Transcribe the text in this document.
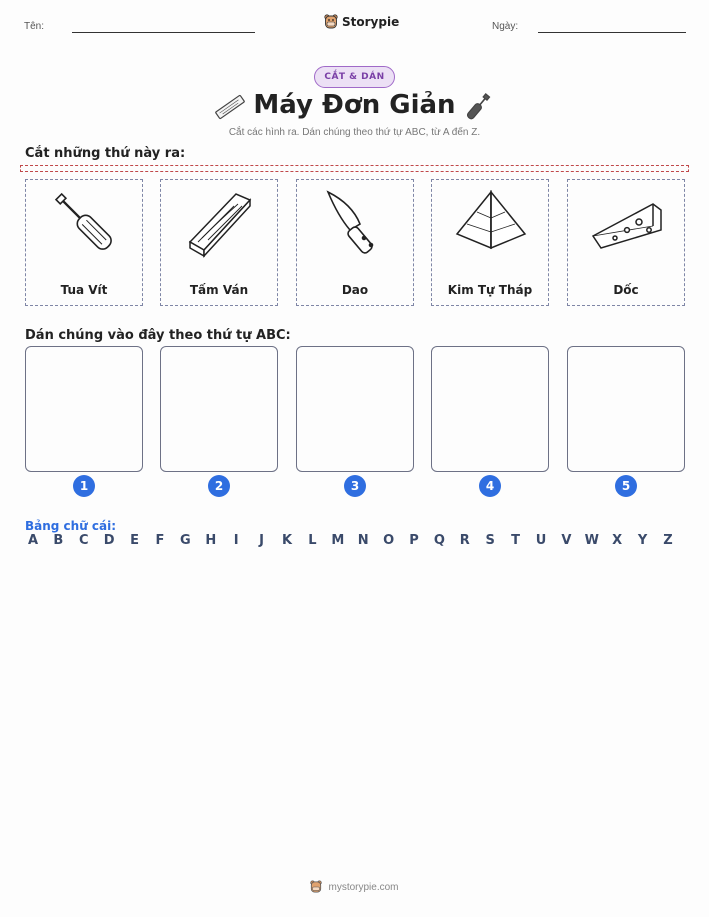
Tên:	Storypie	Ngày:
CẮT & DÁN
Máy Đơn Giản
Cắt các hình ra. Dán chúng theo thứ tự ABC, từ A đến Z.
Cắt những thứ này ra:
Tua Vít	Tấm Ván	Dao	Kim Tự Tháp	Dốc
Dán chúng vào đây theo thứ tự ABC:
1	2	3	4	5
Bảng chữ cái:
A B C D E F G H I J K L M N O P Q R S T U V W X Y Z
mystorypie.com
